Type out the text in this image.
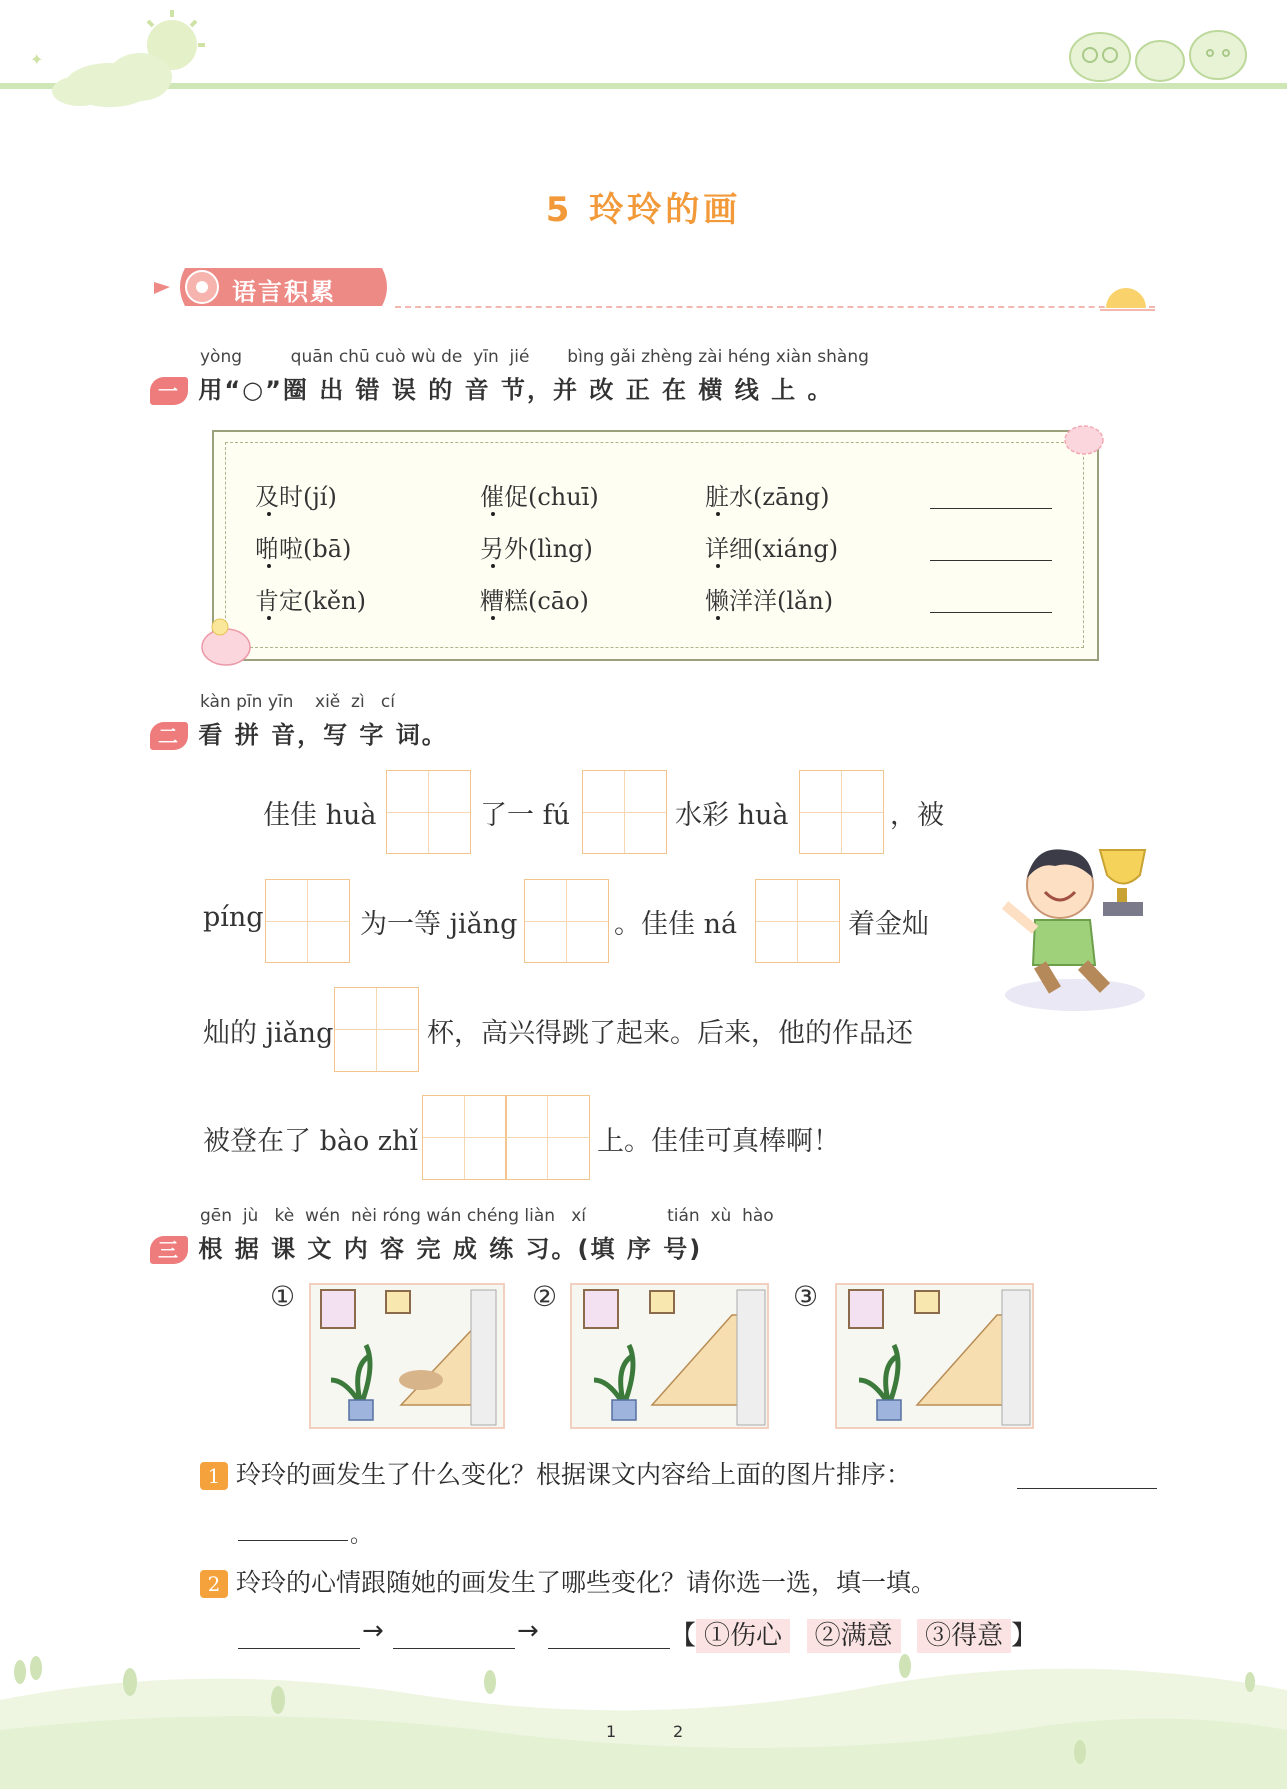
✦
5 玲玲的画
语言积累
yòng         quān chū cuò wù de  yīn  jié       bìng gǎi zhèng zài héng xiàn shàng
一 用“○”圈 出 错 误 的 音 节，并 改 正 在 横 线 上 。
及时(jí)	催促(chuī)	脏水(zāng)
啪啦(bā)	另外(lìng)	详细(xiáng)
肯定(kěn)	糟糕(cāo)	懒洋洋(lǎn)
kàn pīn yīn    xiě  zì   cí
二 看 拼 音，写 字 词。
佳佳 huà	了一 fú	水彩 huà	，被
píng	为一等 jiǎng	。佳佳 ná	着金灿
灿的 jiǎng	杯，高兴得跳了起来。后来，他的作品还
被登在了 bào zhǐ	上。佳佳可真棒啊！
gēn  jù   kè  wén  nèi róng wán chéng liàn   xí               tián  xù  hào
三 根 据 课 文 内 容 完 成 练 习。(填 序 号)
①	②	③
1 玲玲的画发生了什么变化？根据课文内容给上面的图片排序：
。
2 玲玲的心情跟随她的画发生了哪些变化？请你选一选，填一填。
→	→	【 ①伤心 ②满意 ③得意 】
1	2
